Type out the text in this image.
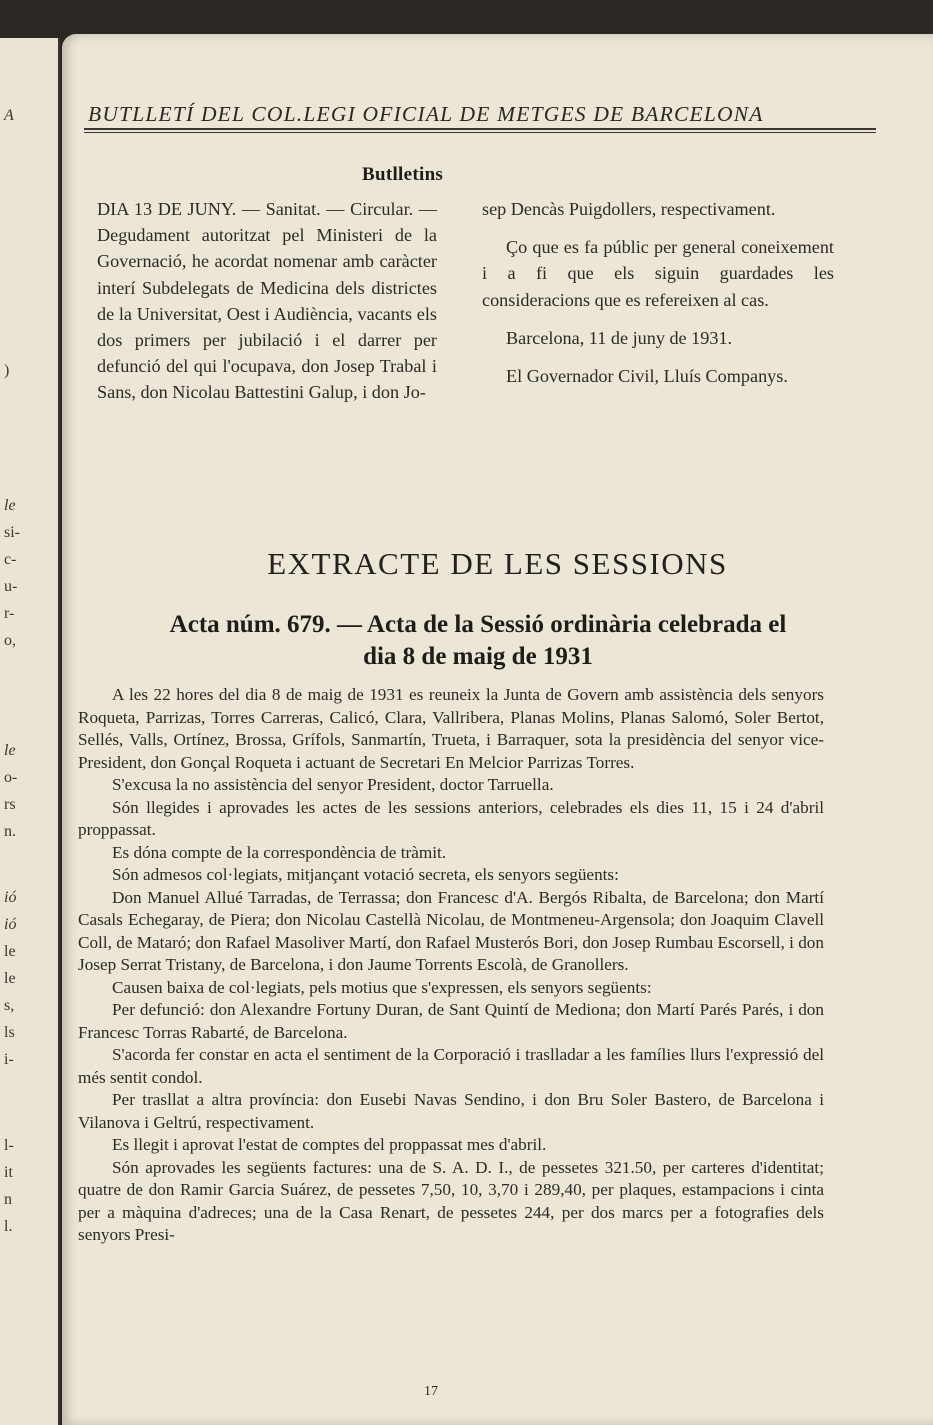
A
)
le
si-
c-
u-
r-
o,
le
o-
rs
n.
ió
ió
le
le
s,
ls
i-
l-
it
n
l.
BUTLLETÍ DEL COL.LEGI OFICIAL DE METGES DE BARCELONA
Butlletins

DIA 13 DE JUNY. — Sanitat. — Circular. — Degudament autoritzat pel Ministeri de la Governació, he acordat nomenar amb caràcter interí Subdelegats de Medicina dels districtes de la Universitat, Oest i Audiència, vacants els dos primers per jubilació i el darrer per defunció del qui l'ocupava, don Josep Trabal i Sans, don Nicolau Battestini Galup, i don Jo-

sep Dencàs Puigdollers, respectivament.

Ço que es fa públic per general coneixement i a fi que els siguin guardades les consideracions que es refereixen al cas.

Barcelona, 11 de juny de 1931.

El Governador Civil, Lluís Companys.

EXTRACTE DE LES SESSIONS
Acta núm. 679. — Acta de la Sessió ordinària celebrada el
dia 8 de maig de 1931

A les 22 hores del dia 8 de maig de 1931 es reuneix la Junta de Govern amb assistència dels senyors Roqueta, Parrizas, Torres Carreras, Calicó, Clara, Vallribera, Planas Molins, Planas Salomó, Soler Bertot, Sellés, Valls, Ortínez, Brossa, Grífols, Sanmartín, Trueta, i Barraquer, sota la presidència del senyor vice-President, don Gonçal Roqueta i actuant de Secretari En Melcior Parrizas Torres.

S'excusa la no assistència del senyor President, doctor Tarruella.

Són llegides i aprovades les actes de les sessions anteriors, celebrades els dies 11, 15 i 24 d'abril proppassat.

Es dóna compte de la correspondència de tràmit.

Són admesos col·legiats, mitjançant votació secreta, els senyors següents:

Don Manuel Allué Tarradas, de Terrassa; don Francesc d'A. Bergós Ribalta, de Barcelona; don Martí Casals Echegaray, de Piera; don Nicolau Castellà Nicolau, de Montmeneu-Argensola; don Joaquim Clavell Coll, de Mataró; don Rafael Masoliver Martí, don Rafael Musterós Bori, don Josep Rumbau Escorsell, i don Josep Serrat Tristany, de Barcelona, i don Jaume Torrents Escolà, de Granollers.

Causen baixa de col·legiats, pels motius que s'expressen, els senyors següents:

Per defunció: don Alexandre Fortuny Duran, de Sant Quintí de Mediona; don Martí Parés Parés, i don Francesc Torras Rabarté, de Barcelona.

S'acorda fer constar en acta el sentiment de la Corporació i traslladar a les famílies llurs l'expressió del més sentit condol.

Per trasllat a altra província: don Eusebi Navas Sendino, i don Bru Soler Bastero, de Barcelona i Vilanova i Geltrú, respectivament.

Es llegit i aprovat l'estat de comptes del proppassat mes d'abril.

Són aprovades les següents factures: una de S. A. D. I., de pessetes 321.50, per carteres d'identitat; quatre de don Ramir Garcia Suárez, de pessetes 7,50, 10, 3,70 i 289,40, per plaques, estampacions i cinta per a màquina d'adreces; una de la Casa Renart, de pessetes 244, per dos marcs per a fotografies dels senyors Presi-

17
